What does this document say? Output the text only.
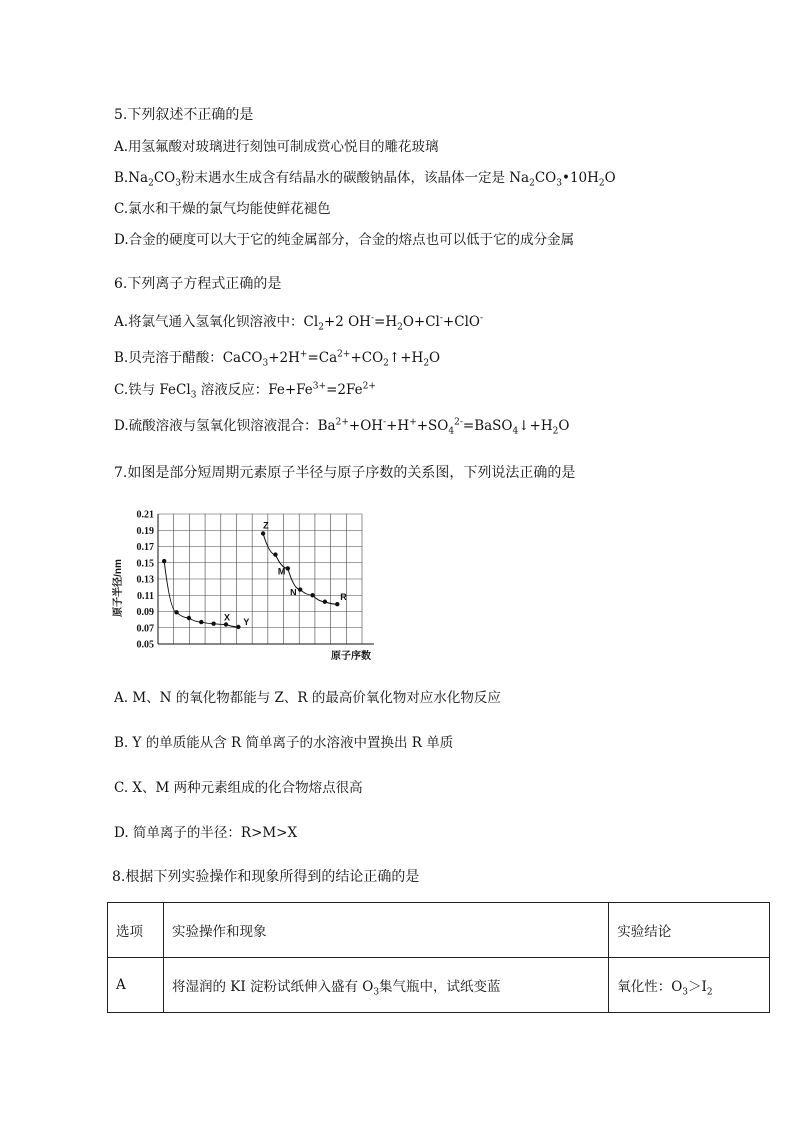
5.下列叙述不正确的是
A.用氢氟酸对玻璃进行刻蚀可制成赏心悦目的雕花玻璃
$B.Na_2CO_3$粉末遇水生成含有结晶水的碳酸钠晶体，该晶体一定是 $Na_2CO_3•10H_2O$
C.氯水和干燥的氯气均能使鲜花褪色
D.合金的硬度可以大于它的纯金属部分，合金的熔点也可以低于它的成分金属
6.下列离子方程式正确的是
A.将氯气通入氢氧化钡溶液中：$Cl_2+2$ $OH^-=H_2O+Cl^-+ClO^-$
B.贝壳溶于醋酸：$CaCO_3+2H^+=Ca^{2+}+CO_2↑+H_2O$
C.铁与 FeCl$_3$ 溶液反应：$Fe+Fe^{3+}=2Fe^{2+}$
D.硫酸溶液与氢氧化钡溶液混合：$Ba^{2+}+OH^-+H^++SO_4^{2-}=BaSO_4↓+H_2O$
7.如图是部分短周期元素原子半径与原子序数的关系图，下列说法正确的是
0.21
0.19
0.17
0.15
0.13
0.11
0.09
0.07
0.05
X Y
Z
M
N	R
原子半径/nm
原子序数
A. M、N 的氧化物都能与 Z、R 的最高价氧化物对应水化物反应
B. Y 的单质能从含 R 简单离子的水溶液中置换出 R 单质
C. X、M 两种元素组成的化合物熔点很高
D. 简单离子的半径：R>M>X
8.根据下列实验操作和现象所得到的结论正确的是
选项	实验操作和现象	实验结论
A	将湿润的 KI 淀粉试纸伸入盛有 $O_3$集气瓶中，试纸变蓝	氧化性：$O_3>I_2$
